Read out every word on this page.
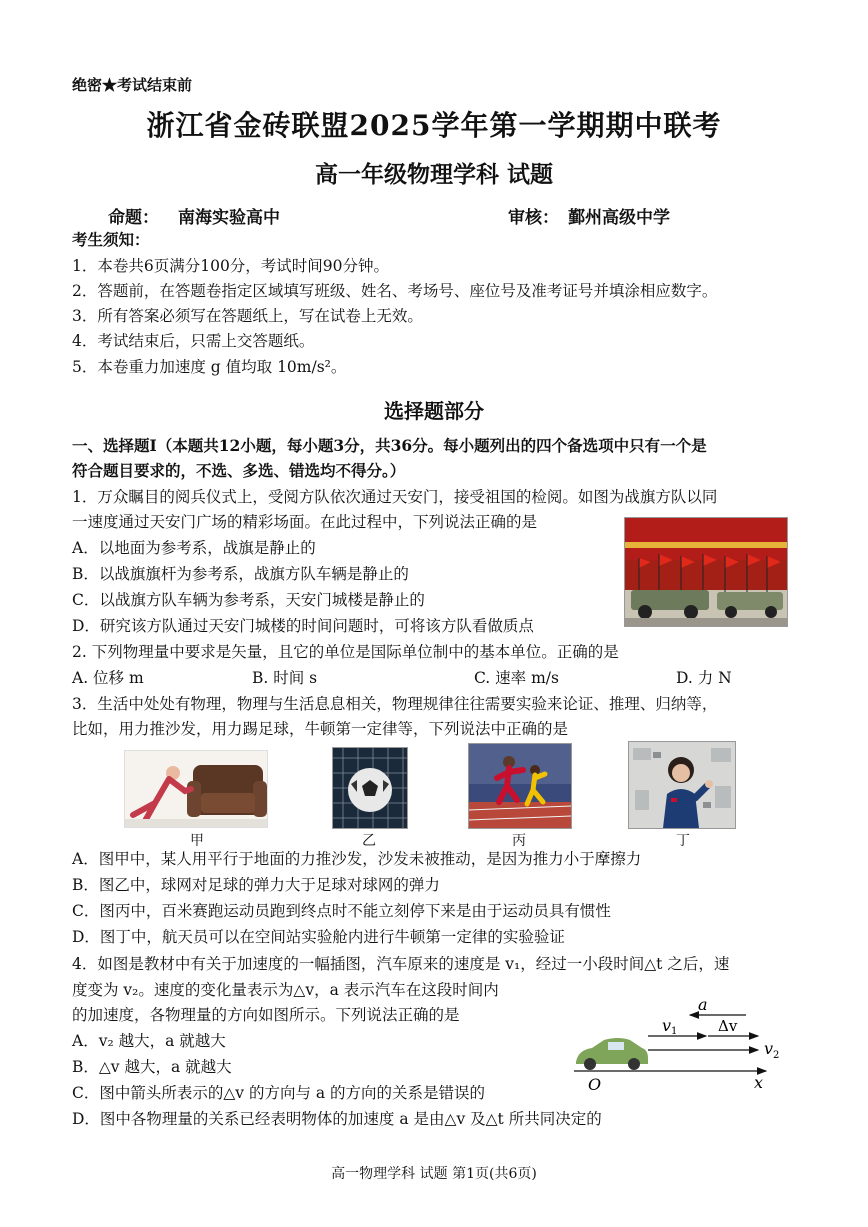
绝密★考试结束前
浙江省金砖联盟2025学年第一学期期中联考
高一年级物理学科 试题
命题： 南海实验高中	审核： 鄞州高级中学
考生须知：
1．本卷共6页满分100分，考试时间90分钟。
2．答题前，在答题卷指定区域填写班级、姓名、考场号、座位号及准考证号并填涂相应数字。
3．所有答案必须写在答题纸上，写在试卷上无效。
4．考试结束后，只需上交答题纸。
5．本卷重力加速度 g 值均取 10m/s²。
选择题部分
一、选择题I（本题共12小题，每小题3分，共36分。每小题列出的四个备选项中只有一个是
符合题目要求的，不选、多选、错选均不得分。）
1．万众瞩目的阅兵仪式上，受阅方队依次通过天安门，接受祖国的检阅。如图为战旗方队以同
一速度通过天安门广场的精彩场面。在此过程中，下列说法正确的是
A．以地面为参考系，战旗是静止的
B．以战旗旗杆为参考系，战旗方队车辆是静止的
C．以战旗方队车辆为参考系，天安门城楼是静止的
D．研究该方队通过天安门城楼的时间问题时，可将该方队看做质点
2. 下列物理量中要求是矢量，且它的单位是国际单位制中的基本单位。正确的是
A. 位移 m	B. 时间 s	C. 速率 m/s	D. 力 N
3．生活中处处有物理，物理与生活息息相关，物理规律往往需要实验来论证、推理、归纳等，
比如，用力推沙发，用力踢足球，牛顿第一定律等，下列说法中正确的是
甲	乙	丙	丁
A．图甲中，某人用平行于地面的力推沙发，沙发未被推动，是因为推力小于摩擦力
B．图乙中，球网对足球的弹力大于足球对球网的弹力
C．图丙中，百米赛跑运动员跑到终点时不能立刻停下来是由于运动员具有惯性
D．图丁中，航天员可以在空间站实验舱内进行牛顿第一定律的实验验证
4．如图是教材中有关于加速度的一幅插图，汽车原来的速度是 v₁，经过一小段时间△t 之后，速
度变为 v₂。速度的变化量表示为△v，a 表示汽车在这段时间内
的加速度，各物理量的方向如图所示。下列说法正确的是
A．v₂ 越大，a 就越大
B．△v 越大，a 就越大
C．图中箭头所表示的△v 的方向与 a 的方向的关系是错误的
D．图中各物理量的关系已经表明物体的加速度 a 是由△v 及△t 所共同决定的
a
v 1	Δv
v 2
O	x
高一物理学科 试题 第1页(共6页)
